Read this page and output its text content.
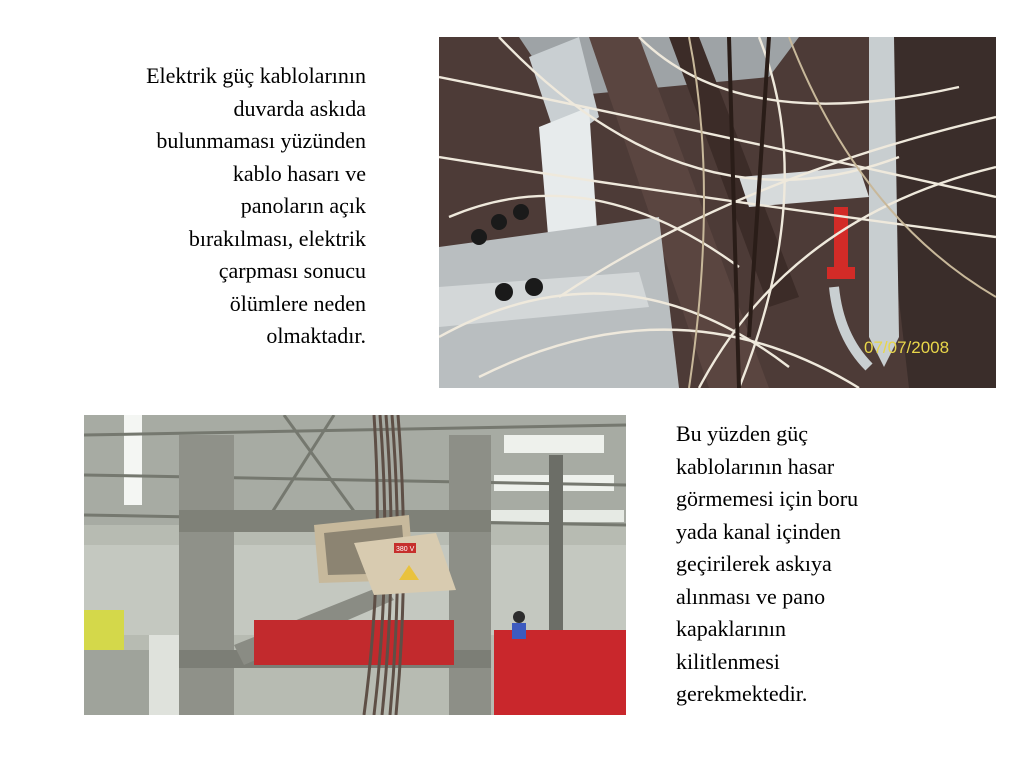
Elektrik güç kablolarının
duvarda askıda
bulunmaması yüzünden
kablo hasarı ve
panoların açık
bırakılması, elektrik
çarpması sonucu
ölümlere neden
olmaktadır.	07/07/2008
380 V

Bu yüzden güç
kablolarının hasar
görmemesi için boru
yada kanal içinden
geçirilerek askıya
alınması ve pano
kapaklarının
kilitlenmesi
gerekmektedir.
